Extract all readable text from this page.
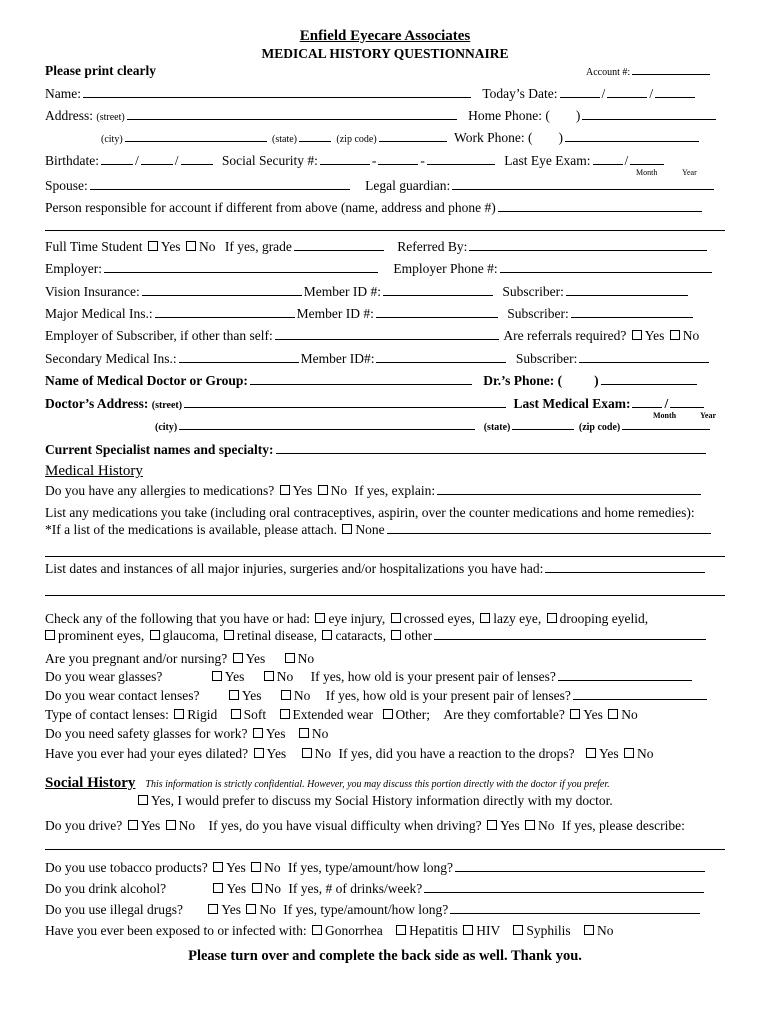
Enfield Eyecare Associates
MEDICAL HISTORY QUESTIONNAIRE
Please print clearly	Account #:
Name:	Today’s Date:	/	/
Address: (street)	Home Phone: ( )
(city)	(state)	(zip code)	Work Phone: ( )
Birthdate:	/	/	Social Security #:	-	-	Last Eye Exam:	/
Month	Year
Spouse:	Legal guardian:
Person responsible for account if different from above (name, address and phone #)
Full Time Student Yes No If yes, grade	Referred By:
Employer:	Employer Phone #:
Vision Insurance:	Member ID #:	Subscriber:
Major Medical Ins.:	Member ID #:	Subscriber:
Employer of Subscriber, if other than self:	Are referrals required? Yes No
Secondary Medical Ins.:	Member ID#:	Subscriber:
Name of Medical Doctor or Group:	Dr.’s Phone: ( )
Doctor’s Address: (street)	Last Medical Exam:	/
Month	Year
(city)	(state)	(zip code)
Current Specialist names and specialty:
Medical History
Do you have any allergies to medications? Yes No If yes, explain:
List any medications you take (including oral contraceptives, aspirin, over the counter medications and home remedies):
*If a list of the medications is available, please attach. None
List dates and instances of all major injuries, surgeries and/or hospitalizations you have had:
Check any of the following that you have or had: eye injury, crossed eyes, lazy eye, drooping eyelid,
prominent eyes, glaucoma, retinal disease, cataracts, other
Are you pregnant and/or nursing? Yes No
Do you wear glasses?	Yes No If yes, how old is your present pair of lenses?
Do you wear contact lenses?	Yes No If yes, how old is your present pair of lenses?
Type of contact lenses: Rigid Soft Extended wear Other; Are they comfortable? Yes No
Do you need safety glasses for work? Yes No
Have you ever had your eyes dilated? Yes No If yes, did you have a reaction to the drops? Yes No
Social History This information is strictly confidential. However, you may discuss this portion directly with the doctor if you prefer.
Yes, I would prefer to discuss my Social History information directly with my doctor.
Do you drive? Yes No If yes, do you have visual difficulty when driving? Yes No If yes, please describe:
Do you use tobacco products? Yes No If yes, type/amount/how long?
Do you drink alcohol?	Yes No If yes, # of drinks/week?
Do you use illegal drugs?	Yes No If yes, type/amount/how long?
Have you ever been exposed to or infected with: Gonorrhea Hepatitis HIV Syphilis No
Please turn over and complete the back side as well. Thank you.
